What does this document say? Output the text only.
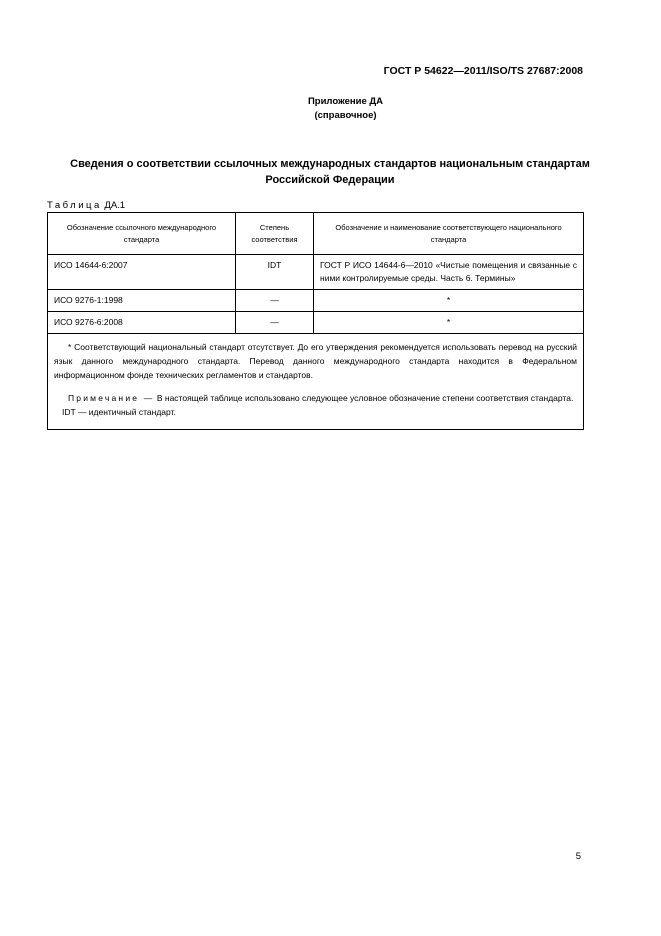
ГОСТ Р 54622—2011/ISO/TS 27687:2008
Приложение ДА
(справочное)
Сведения о соответствии ссылочных международных стандартов национальным стандартам
Российской Федерации
Таблица ДА.1
Обозначение ссылочного международного стандарта	Степень соответствия	Обозначение и наименование соответствующего национального стандарта
ИСО 14644-6:2007	IDT	ГОСТ Р ИСО 14644-6—2010 «Чистые помещения и связанные с ними контролируемые среды. Часть 6. Термины»
ИСО 9276-1:1998	—	*
ИСО 9276-6:2008	—	*

* Соответствующий национальный стандарт отсутствует. До его утверждения рекомендуется использовать перевод на русский язык данного международного стандарта. Перевод данного международного стандарта находится в Федеральном информационном фонде технических регламентов и стандартов.

Примечание — В настоящей таблице использовано следующее условное обозначение степени соответствия стандарта.

IDT — идентичный стандарт.		

5
